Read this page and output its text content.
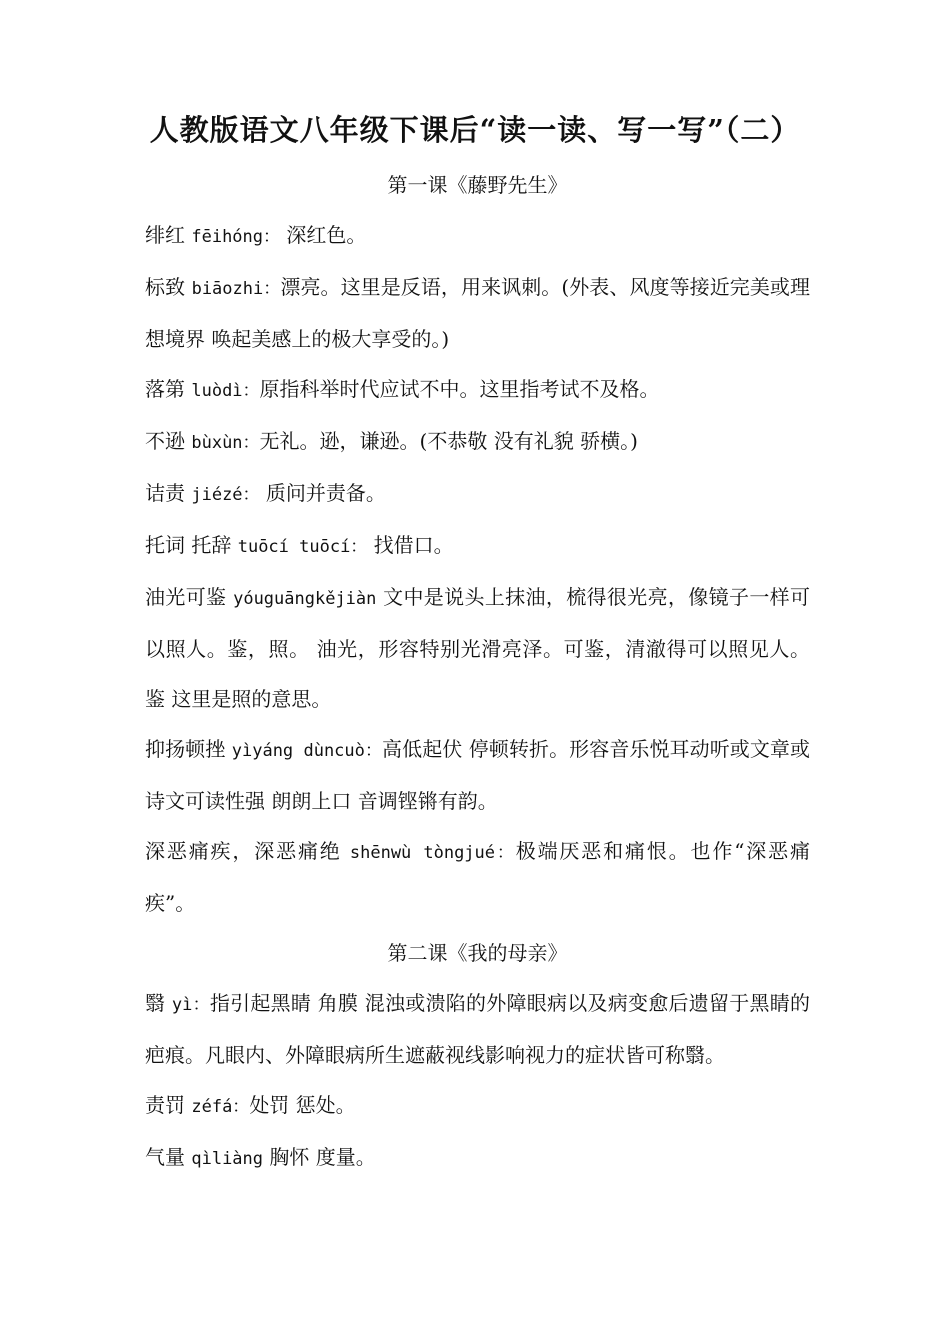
人教版语文八年级下课后“读一读、写一写”（二）
第一课《藤野先生》

绯红 fēihóng： 深红色。

标致 biāozhi：漂亮。这里是反语，用来讽刺。(外表、风度等接近完美或理想境界 唤起美感上的极大享受的。)

落第 luòdì：原指科举时代应试不中。这里指考试不及格。

不逊 bùxùn：无礼。逊，谦逊。(不恭敬 没有礼貌 骄横。)

诘责 jiézé： 质问并责备。

托词 托辞 tuōcí tuōcí： 找借口。

油光可鉴 yóuguāngkějiàn 文中是说头上抹油，梳得很光亮，像镜子一样可以照人。鉴，照。 油光，形容特别光滑亮泽。可鉴，清澈得可以照见人。鉴 这里是照的意思。

抑扬顿挫 yìyáng dùncuò：高低起伏 停顿转折。形容音乐悦耳动听或文章或诗文可读性强 朗朗上口 音调铿锵有韵。

深恶痛疾，深恶痛绝 shēnwù tòngjué：极端厌恶和痛恨。也作“深恶痛疾”。

第二课《我的母亲》

翳 yì：指引起黑睛 角膜 混浊或溃陷的外障眼病以及病变愈后遗留于黑睛的疤痕。凡眼内、外障眼病所生遮蔽视线影响视力的症状皆可称翳。

责罚 zéfá：处罚 惩处。

气量 qìliàng 胸怀 度量。
